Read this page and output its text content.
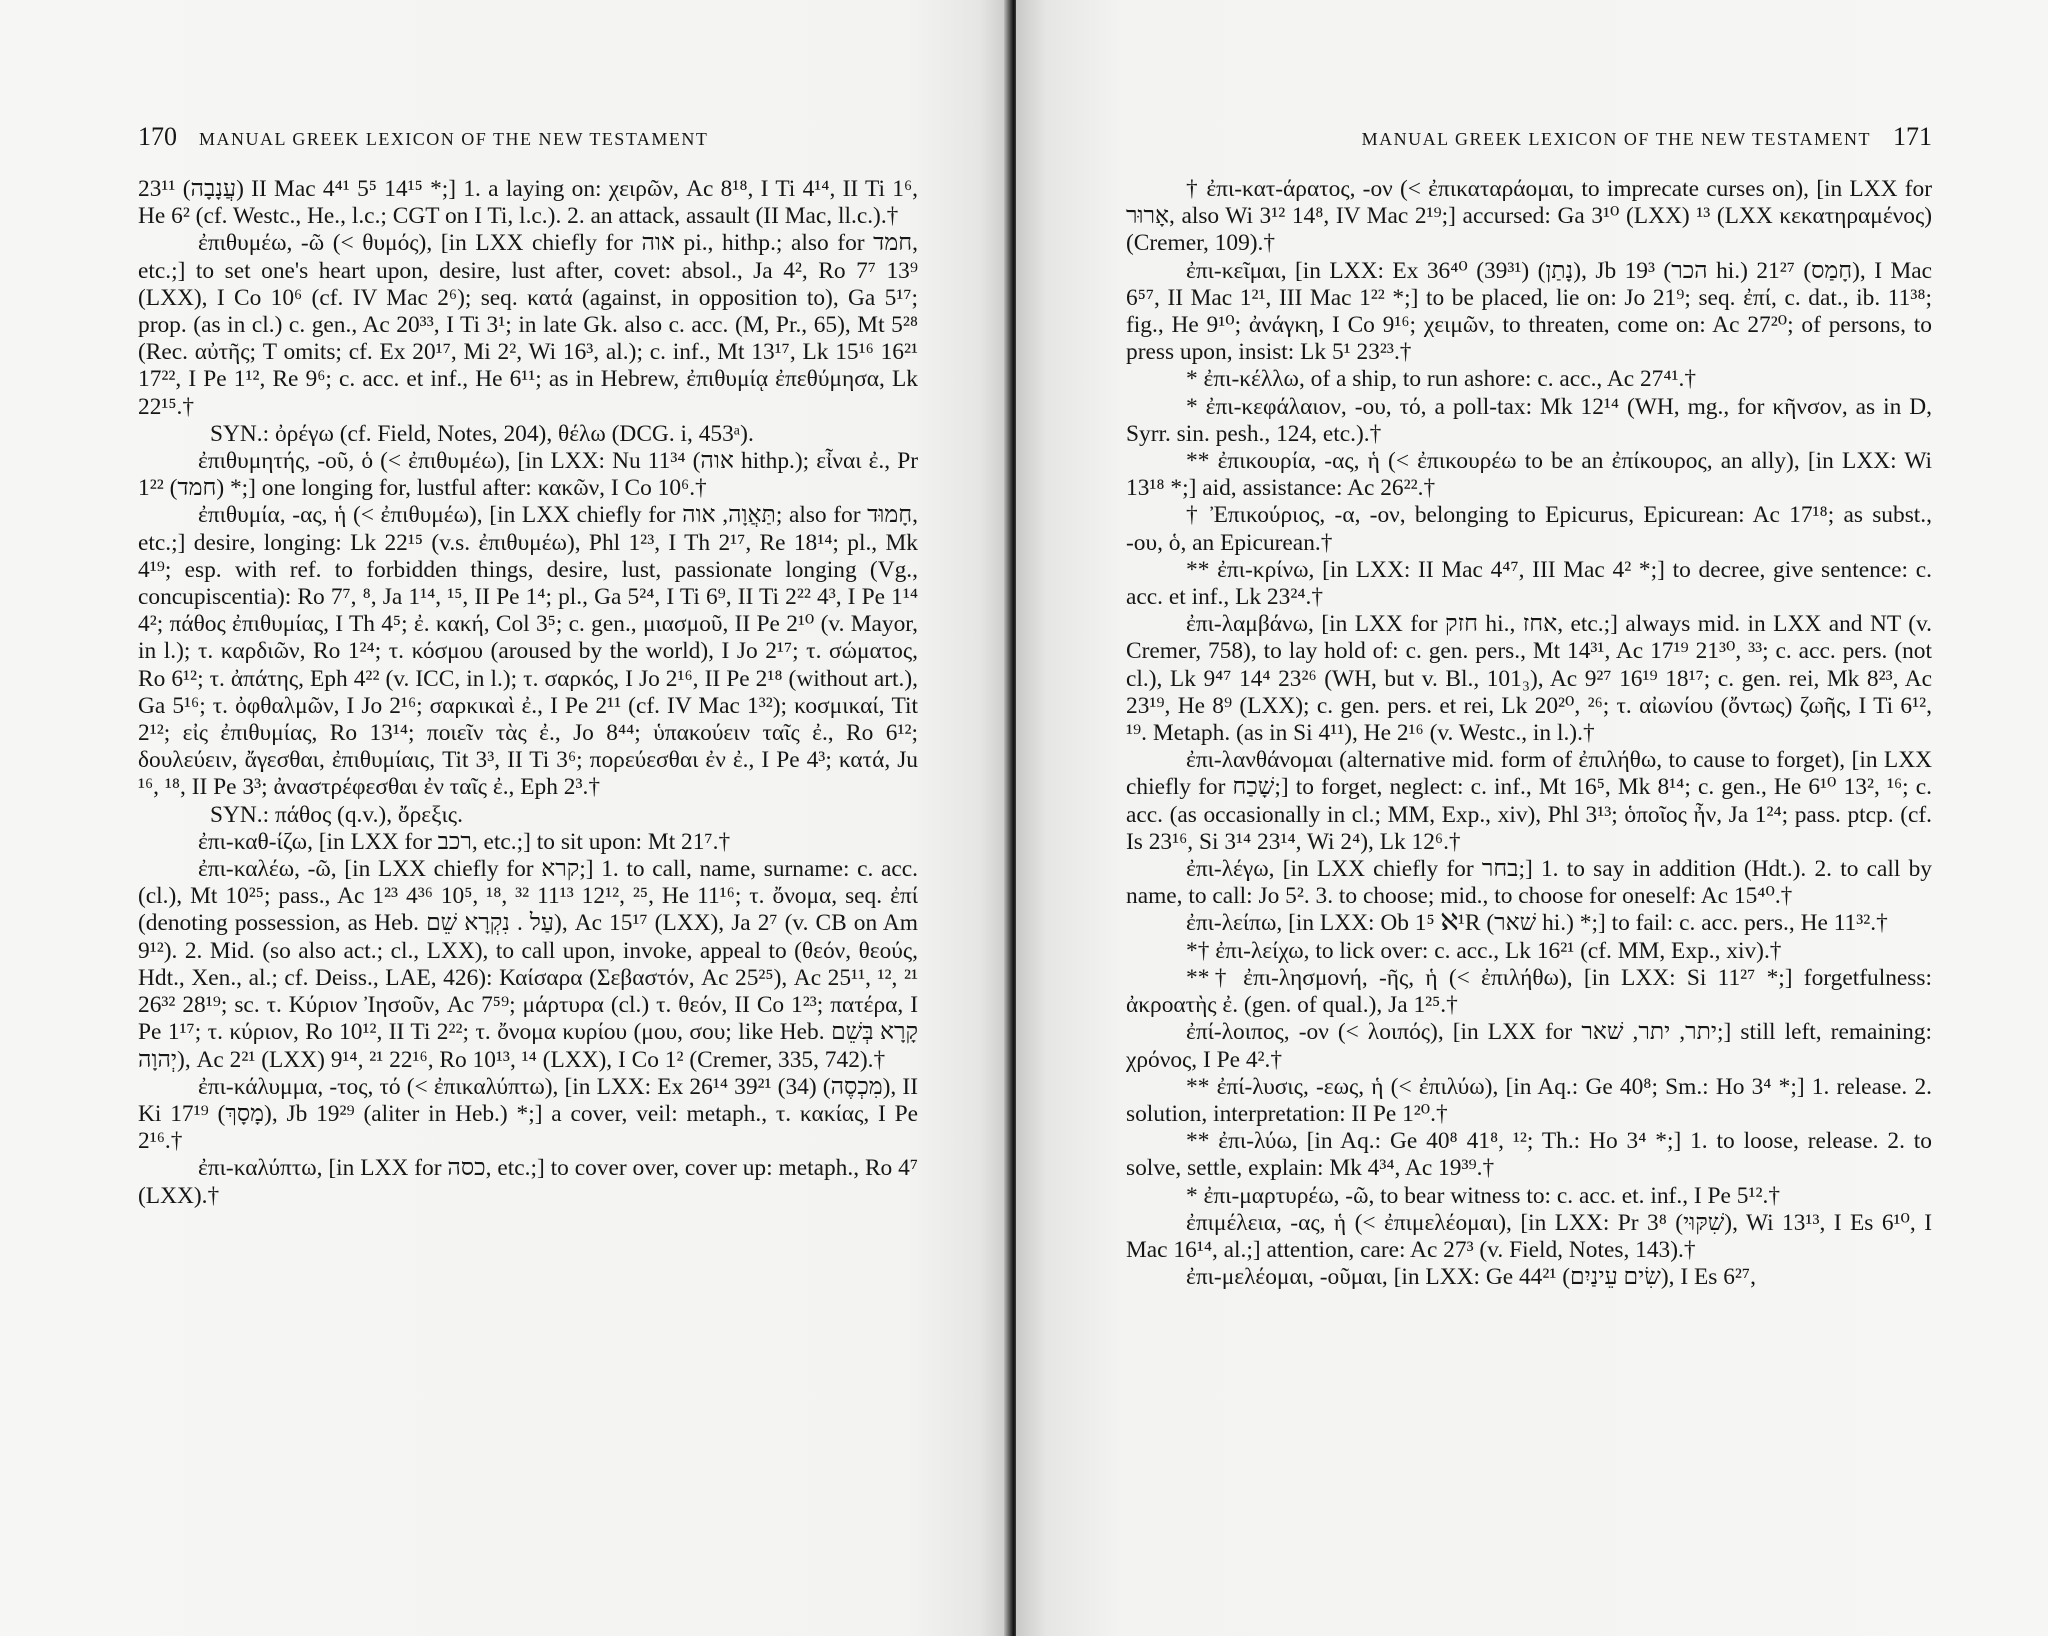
170 MANUAL GREEK LEXICON OF THE NEW TESTAMENT

23¹¹ (עֲנָבָה) II Mac 4⁴¹ 5⁵ 14¹⁵ *;] 1. a laying on: χειρῶν, Ac 8¹⁸, I Ti 4¹⁴, II Ti 1⁶, He 6² (cf. Westc., He., l.c.; CGT on I Ti, l.c.). 2. an attack, assault (II Mac, ll.c.).†

ἐπιθυμέω, -ῶ (< θυμός), [in LXX chiefly for אוה pi., hithp.; also for חמד, etc.;] to set one's heart upon, desire, lust after, covet: absol., Ja 4², Ro 7⁷ 13⁹ (LXX), I Co 10⁶ (cf. IV Mac 2⁶); seq. κατά (against, in opposition to), Ga 5¹⁷; prop. (as in cl.) c. gen., Ac 20³³, I Ti 3¹; in late Gk. also c. acc. (M, Pr., 65), Mt 5²⁸ (Rec. αὐτῆς; T omits; cf. Ex 20¹⁷, Mi 2², Wi 16³, al.); c. inf., Mt 13¹⁷, Lk 15¹⁶ 16²¹ 17²², I Pe 1¹², Re 9⁶; c. acc. et inf., He 6¹¹; as in Hebrew, ἐπιθυμίᾳ ἐπεθύμησα, Lk 22¹⁵.†

SYN.: ὀρέγω (cf. Field, Notes, 204), θέλω (DCG. i, 453ᵃ).

ἐπιθυμητής, -οῦ, ὁ (< ἐπιθυμέω), [in LXX: Nu 11³⁴ (אוה hithp.); εἶναι ἐ., Pr 1²² (חמד) *;] one longing for, lustful after: κακῶν, I Co 10⁶.†

ἐπιθυμία, -ας, ἡ (< ἐπιθυμέω), [in LXX chiefly for תַּאֲוָה, אוה; also for חָמוּד, etc.;] desire, longing: Lk 22¹⁵ (v.s. ἐπιθυμέω), Phl 1²³, I Th 2¹⁷, Re 18¹⁴; pl., Mk 4¹⁹; esp. with ref. to forbidden things, desire, lust, passionate longing (Vg., concupiscentia): Ro 7⁷, ⁸, Ja 1¹⁴, ¹⁵, II Pe 1⁴; pl., Ga 5²⁴, I Ti 6⁹, II Ti 2²² 4³, I Pe 1¹⁴ 4²; πάθος ἐπιθυμίας, I Th 4⁵; ἐ. κακή, Col 3⁵; c. gen., μιασμοῦ, II Pe 2¹⁰ (v. Mayor, in l.); τ. καρδιῶν, Ro 1²⁴; τ. κόσμου (aroused by the world), I Jo 2¹⁷; τ. σώματος, Ro 6¹²; τ. ἀπάτης, Eph 4²² (v. ICC, in l.); τ. σαρκός, I Jo 2¹⁶, II Pe 2¹⁸ (without art.), Ga 5¹⁶; τ. ὀφθαλμῶν, I Jo 2¹⁶; σαρκικαὶ ἐ., I Pe 2¹¹ (cf. IV Mac 1³²); κοσμικαί, Tit 2¹²; εἰς ἐπιθυμίας, Ro 13¹⁴; ποιεῖν τὰς ἐ., Jo 8⁴⁴; ὑπακούειν ταῖς ἐ., Ro 6¹²; δουλεύειν, ἄγεσθαι, ἐπιθυμίαις, Tit 3³, II Ti 3⁶; πορεύεσθαι ἐν ἐ., I Pe 4³; κατά, Ju ¹⁶, ¹⁸, II Pe 3³; ἀναστρέφεσθαι ἐν ταῖς ἐ., Eph 2³.†

SYN.: πάθος (q.v.), ὄρεξις.

ἐπι-καθ-ίζω, [in LXX for רכב, etc.;] to sit upon: Mt 21⁷.†

ἐπι-καλέω, -ῶ, [in LXX chiefly for קרא;] 1. to call, name, surname: c. acc. (cl.), Mt 10²⁵; pass., Ac 1²³ 4³⁶ 10⁵, ¹⁸, ³² 11¹³ 12¹², ²⁵, He 11¹⁶; τ. ὄνομα, seq. ἐπί (denoting possession, as Heb. עַל . נִקְרָא שֵׁם), Ac 15¹⁷ (LXX), Ja 2⁷ (v. CB on Am 9¹²). 2. Mid. (so also act.; cl., LXX), to call upon, invoke, appeal to (θεόν, θεούς, Hdt., Xen., al.; cf. Deiss., LAE, 426): Καίσαρα (Σεβαστόν, Ac 25²⁵), Ac 25¹¹, ¹², ²¹ 26³² 28¹⁹; sc. τ. Κύριον Ἰησοῦν, Ac 7⁵⁹; μάρτυρα (cl.) τ. θεόν, II Co 1²³; πατέρα, I Pe 1¹⁷; τ. κύριον, Ro 10¹², II Ti 2²²; τ. ὄνομα κυρίου (μου, σου; like Heb. קָרָא בְּשֵׁם יְהוָה), Ac 2²¹ (LXX) 9¹⁴, ²¹ 22¹⁶, Ro 10¹³, ¹⁴ (LXX), I Co 1² (Cremer, 335, 742).†

ἐπι-κάλυμμα, -τος, τό (< ἐπικαλύπτω), [in LXX: Ex 26¹⁴ 39²¹ (34) (מִכְסֶה), II Ki 17¹⁹ (מָסָךְ), Jb 19²⁹ (aliter in Heb.) *;] a cover, veil: metaph., τ. κακίας, I Pe 2¹⁶.†

ἐπι-καλύπτω, [in LXX for כסה, etc.;] to cover over, cover up: metaph., Ro 4⁷ (LXX).†

MANUAL GREEK LEXICON OF THE NEW TESTAMENT 171

† ἐπι-κατ-άρατος, -ον (< ἐπικαταράομαι, to imprecate curses on), [in LXX for אָרוּר, also Wi 3¹² 14⁸, IV Mac 2¹⁹;] accursed: Ga 3¹⁰ (LXX) ¹³ (LXX κεκατηραμένος) (Cremer, 109).†

ἐπι-κεῖμαι, [in LXX: Ex 36⁴⁰ (39³¹) (נָתַן), Jb 19³ (הכר hi.) 21²⁷ (חָמַס), I Mac 6⁵⁷, II Mac 1²¹, III Mac 1²² *;] to be placed, lie on: Jo 21⁹; seq. ἐπί, c. dat., ib. 11³⁸; fig., He 9¹⁰; ἀνάγκη, I Co 9¹⁶; χειμῶν, to threaten, come on: Ac 27²⁰; of persons, to press upon, insist: Lk 5¹ 23²³.†

* ἐπι-κέλλω, of a ship, to run ashore: c. acc., Ac 27⁴¹.†

* ἐπι-κεφάλαιον, -ου, τό, a poll-tax: Mk 12¹⁴ (WH, mg., for κῆνσον, as in D, Syrr. sin. pesh., 124, etc.).†

** ἐπικουρία, -ας, ἡ (< ἐπικουρέω to be an ἐπίκουρος, an ally), [in LXX: Wi 13¹⁸ *;] aid, assistance: Ac 26²².†

† Ἐπικούριος, -α, -ον, belonging to Epicurus, Epicurean: Ac 17¹⁸; as subst., -ου, ὁ, an Epicurean.†

** ἐπι-κρίνω, [in LXX: II Mac 4⁴⁷, III Mac 4² *;] to decree, give sentence: c. acc. et inf., Lk 23²⁴.†

ἐπι-λαμβάνω, [in LXX for חזק hi., אחז, etc.;] always mid. in LXX and NT (v. Cremer, 758), to lay hold of: c. gen. pers., Mt 14³¹, Ac 17¹⁹ 21³⁰, ³³; c. acc. pers. (not cl.), Lk 9⁴⁷ 14⁴ 23²⁶ (WH, but v. Bl., 101₃), Ac 9²⁷ 16¹⁹ 18¹⁷; c. gen. rei, Mk 8²³, Ac 23¹⁹, He 8⁹ (LXX); c. gen. pers. et rei, Lk 20²⁰, ²⁶; τ. αἰωνίου (ὄντως) ζωῆς, I Ti 6¹², ¹⁹. Metaph. (as in Si 4¹¹), He 2¹⁶ (v. Westc., in l.).†

ἐπι-λανθάνομαι (alternative mid. form of ἐπιλήθω, to cause to forget), [in LXX chiefly for שָׁכַח;] to forget, neglect: c. inf., Mt 16⁵, Mk 8¹⁴; c. gen., He 6¹⁰ 13², ¹⁶; c. acc. (as occasionally in cl.; MM, Exp., xiv), Phl 3¹³; ὁποῖος ἦν, Ja 1²⁴; pass. ptcp. (cf. Is 23¹⁶, Si 3¹⁴ 23¹⁴, Wi 2⁴), Lk 12⁶.†

ἐπι-λέγω, [in LXX chiefly for בחר;] 1. to say in addition (Hdt.). 2. to call by name, to call: Jo 5². 3. to choose; mid., to choose for oneself: Ac 15⁴⁰.†

ἐπι-λείπω, [in LXX: Ob 1⁵ ℵ¹R (שׁאר hi.) *;] to fail: c. acc. pers., He 11³².†

*† ἐπι-λείχω, to lick over: c. acc., Lk 16²¹ (cf. MM, Exp., xiv).†

**† ἐπι-λησμονή, -ῆς, ἡ (< ἐπιλήθω), [in LXX: Si 11²⁷ *;] forgetfulness: ἀκροατὴς ἐ. (gen. of qual.), Ja 1²⁵.†

ἐπί-λοιπος, -ον (< λοιπός), [in LXX for יתר, יתר, שׁאר;] still left, remaining: χρόνος, I Pe 4².†

** ἐπί-λυσις, -εως, ἡ (< ἐπιλύω), [in Aq.: Ge 40⁸; Sm.: Ho 3⁴ *;] 1. release. 2. solution, interpretation: II Pe 1²⁰.†

** ἐπι-λύω, [in Aq.: Ge 40⁸ 41⁸, ¹²; Th.: Ho 3⁴ *;] 1. to loose, release. 2. to solve, settle, explain: Mk 4³⁴, Ac 19³⁹.†

* ἐπι-μαρτυρέω, -ῶ, to bear witness to: c. acc. et. inf., I Pe 5¹².†

ἐπιμέλεια, -ας, ἡ (< ἐπιμελέομαι), [in LXX: Pr 3⁸ (שִׁקּוּי), Wi 13¹³, I Es 6¹⁰, I Mac 16¹⁴, al.;] attention, care: Ac 27³ (v. Field, Notes, 143).†

ἐπι-μελέομαι, -οῦμαι, [in LXX: Ge 44²¹ (שִׂים עֵינַיִם), I Es 6²⁷,
